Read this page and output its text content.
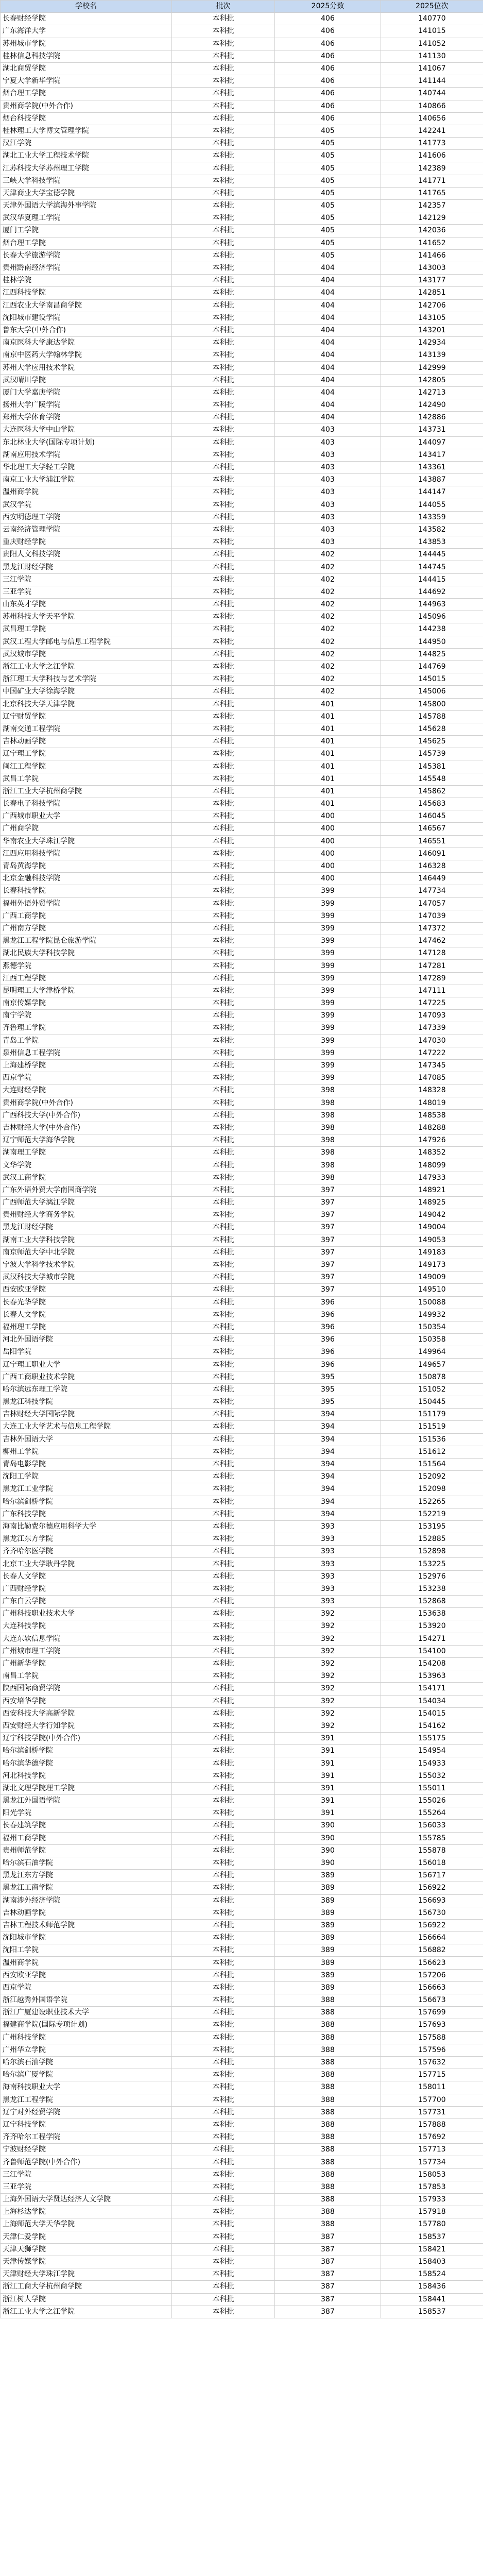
学校名	批次	2025分数	2025位次
长春财经学院	本科批	406	140770
广东海洋大学	本科批	406	141015
苏州城市学院	本科批	406	141052
桂林信息科技学院	本科批	406	141130
湖北商贸学院	本科批	406	141067
宁夏大学新华学院	本科批	406	141144
烟台理工学院	本科批	406	140744
贵州商学院(中外合作)	本科批	406	140866
烟台科技学院	本科批	406	140656
桂林理工大学博文管理学院	本科批	405	142241
汉江学院	本科批	405	141773
湖北工业大学工程技术学院	本科批	405	141606
江苏科技大学苏州理工学院	本科批	405	142389
三峡大学科技学院	本科批	405	141771
天津商业大学宝德学院	本科批	405	141765
天津外国语大学滨海外事学院	本科批	405	142357
武汉华夏理工学院	本科批	405	142129
厦门工学院	本科批	405	142036
烟台理工学院	本科批	405	141652
长春大学旅游学院	本科批	405	141466
贵州黔南经济学院	本科批	404	143003
桂林学院	本科批	404	143177
江西科技学院	本科批	404	142851
江西农业大学南昌商学院	本科批	404	142706
沈阳城市建设学院	本科批	404	143105
鲁东大学(中外合作)	本科批	404	143201
南京医科大学康达学院	本科批	404	142934
南京中医药大学翰林学院	本科批	404	143139
苏州大学应用技术学院	本科批	404	142999
武汉晴川学院	本科批	404	142805
厦门大学嘉庚学院	本科批	404	142713
扬州大学广陵学院	本科批	404	142490
郑州大学体育学院	本科批	404	142886
大连医科大学中山学院	本科批	403	143731
东北林业大学(国际专项计划)	本科批	403	144097
湖南应用技术学院	本科批	403	143417
华北理工大学轻工学院	本科批	403	143361
南京工业大学浦江学院	本科批	403	143887
温州商学院	本科批	403	144147
武汉学院	本科批	403	144055
西安明德理工学院	本科批	403	143359
云南经济管理学院	本科批	403	143582
重庆财经学院	本科批	403	143853
贵阳人文科技学院	本科批	402	144445
黑龙江财经学院	本科批	402	144745
三江学院	本科批	402	144415
三亚学院	本科批	402	144692
山东英才学院	本科批	402	144963
苏州科技大学天平学院	本科批	402	145096
武昌理工学院	本科批	402	144238
武汉工程大学邮电与信息工程学院	本科批	402	144950
武汉城市学院	本科批	402	144825
浙江工业大学之江学院	本科批	402	144769
浙江理工大学科技与艺术学院	本科批	402	145015
中国矿业大学徐海学院	本科批	402	145006
北京科技大学天津学院	本科批	401	145800
辽宁财贸学院	本科批	401	145788
湖南交通工程学院	本科批	401	145628
吉林动画学院	本科批	401	145625
辽宁理工学院	本科批	401	145739
闽江工程学院	本科批	401	145381
武昌工学院	本科批	401	145548
浙江工业大学杭州商学院	本科批	401	145862
长春电子科技学院	本科批	401	145683
广西城市职业大学	本科批	400	146045
广州商学院	本科批	400	146567
华南农业大学珠江学院	本科批	400	146551
江西应用科技学院	本科批	400	146091
青岛黄海学院	本科批	400	146328
北京金融科技学院	本科批	400	146449
长春科技学院	本科批	399	147734
福州外语外贸学院	本科批	399	147057
广西工商学院	本科批	399	147039
广州南方学院	本科批	399	147372
黑龙江工程学院昆仑旅游学院	本科批	399	147462
湖北民族大学科技学院	本科批	399	147128
燕德学院	本科批	399	147281
江西工程学院	本科批	399	147289
昆明理工大学津桥学院	本科批	399	147111
南京传媒学院	本科批	399	147225
南宁学院	本科批	399	147093
齐鲁理工学院	本科批	399	147339
青岛工学院	本科批	399	147030
泉州信息工程学院	本科批	399	147222
上海建桥学院	本科批	399	147345
西京学院	本科批	399	147085
大连财经学院	本科批	398	148328
贵州商学院(中外合作)	本科批	398	148019
广西科技大学(中外合作)	本科批	398	148538
吉林财经大学(中外合作)	本科批	398	148288
辽宁师范大学海华学院	本科批	398	147926
湖南理工学院	本科批	398	148352
文华学院	本科批	398	148099
武汉工商学院	本科批	398	147933
广东外语外贸大学南国商学院	本科批	397	148921
广西师范大学漓江学院	本科批	397	148925
贵州财经大学商务学院	本科批	397	149042
黑龙江财经学院	本科批	397	149004
湖南工业大学科技学院	本科批	397	149053
南京师范大学中北学院	本科批	397	149183
宁波大学科学技术学院	本科批	397	149173
武汉科技大学城市学院	本科批	397	149009
西安欧亚学院	本科批	397	149510
长春光华学院	本科批	396	150088
长春人文学院	本科批	396	149932
福州理工学院	本科批	396	150354
河北外国语学院	本科批	396	150358
岳阳学院	本科批	396	149964
辽宁理工职业大学	本科批	396	149657
广西工商职业技术学院	本科批	395	150878
哈尔滨远东理工学院	本科批	395	151052
黑龙江科技学院	本科批	395	150445
吉林财经大学国际学院	本科批	394	151179
大连工业大学艺术与信息工程学院	本科批	394	151519
吉林外国语大学	本科批	394	151536
柳州工学院	本科批	394	151612
青岛电影学院	本科批	394	151564
沈阳工学院	本科批	394	152092
黑龙江工业学院	本科批	394	152098
哈尔滨剑桥学院	本科批	394	152265
广东科技学院	本科批	394	152219
海南比勒费尔德应用科学大学	本科批	393	153195
黑龙江东方学院	本科批	393	152885
齐齐哈尔医学院	本科批	393	152898
北京工业大学耿丹学院	本科批	393	153225
长春人文学院	本科批	393	152976
广西财经学院	本科批	393	153238
广东白云学院	本科批	393	152868
广州科技职业技术大学	本科批	392	153638
大连科技学院	本科批	392	153920
大连东软信息学院	本科批	392	154271
广州城市理工学院	本科批	392	154100
广州新华学院	本科批	392	154208
南昌工学院	本科批	392	153963
陕西国际商贸学院	本科批	392	154171
西安培华学院	本科批	392	154034
西安科技大学高新学院	本科批	392	154015
西安财经大学行知学院	本科批	392	154162
辽宁科技学院(中外合作)	本科批	391	155175
哈尔滨剑桥学院	本科批	391	154954
哈尔滨华德学院	本科批	391	154933
河北科技学院	本科批	391	155032
湖北文理学院理工学院	本科批	391	155011
黑龙江外国语学院	本科批	391	155026
阳光学院	本科批	391	155264
长春建筑学院	本科批	390	156033
福州工商学院	本科批	390	155785
贵州师范学院	本科批	390	155878
哈尔滨石油学院	本科批	390	156018
黑龙江东方学院	本科批	389	156717
黑龙江工商学院	本科批	389	156922
湖南涉外经济学院	本科批	389	156693
吉林动画学院	本科批	389	156730
吉林工程技术师范学院	本科批	389	156922
沈阳城市学院	本科批	389	156664
沈阳工学院	本科批	389	156882
温州商学院	本科批	389	156623
西安欧亚学院	本科批	389	157206
西京学院	本科批	389	156663
浙江越秀外国语学院	本科批	388	156673
浙江广厦建设职业技术大学	本科批	388	157699
福建商学院(国际专项计划)	本科批	388	157693
广州科技学院	本科批	388	157588
广州华立学院	本科批	388	157596
哈尔滨石油学院	本科批	388	157632
哈尔滨广厦学院	本科批	388	157715
海南科技职业大学	本科批	388	158011
黑龙江工程学院	本科批	388	157700
辽宁对外经贸学院	本科批	388	157731
辽宁科技学院	本科批	388	157888
齐齐哈尔工程学院	本科批	388	157692
宁波财经学院	本科批	388	157713
齐鲁师范学院(中外合作)	本科批	388	157734
三江学院	本科批	388	158053
三亚学院	本科批	388	157853
上海外国语大学贤达经济人文学院	本科批	388	157933
上海杉达学院	本科批	388	157918
上海师范大学天华学院	本科批	388	157780
天津仁爱学院	本科批	387	158537
天津天狮学院	本科批	387	158421
天津传媒学院	本科批	387	158403
天津财经大学珠江学院	本科批	387	158524
浙江工商大学杭州商学院	本科批	387	158436
浙江树人学院	本科批	387	158441
浙江工业大学之江学院	本科批	387	158537
